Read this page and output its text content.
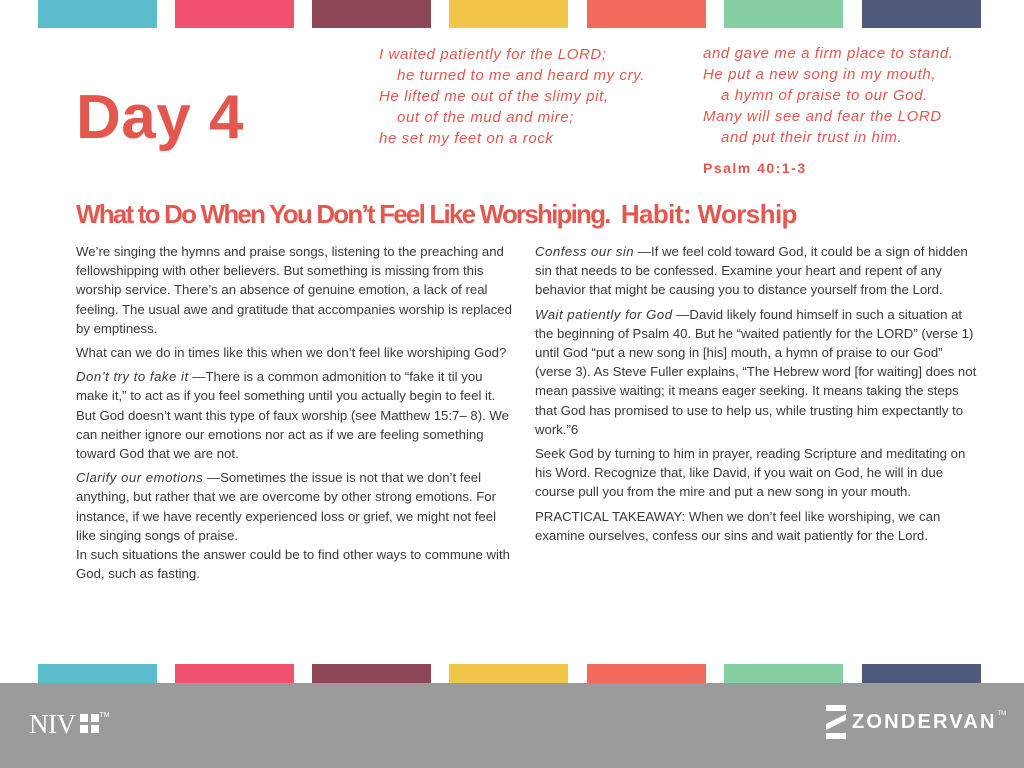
Day 4
I waited patiently for the LORD;
he turned to me and heard my cry.
He lifted me out of the slimy pit,
out of the mud and mire;
he set my feet on a rock
and gave me a firm place to stand.
He put a new song in my mouth,
a hymn of praise to our God.
Many will see and fear the LORD
and put their trust in him.
Psalm 40:1-3
What to Do When You Don’t Feel Like Worshiping. Habit: Worship

We’re singing the hymns and praise songs, listening to the preaching and fellowshipping with other believers. But something is missing from this worship service. There’s an absence of genuine emotion, a lack of real feeling. The usual awe and gratitude that accompanies worship is replaced by emptiness.

What can we do in times like this when we don’t feel like worshiping God?

Don’t try to fake it —There is a common admonition to “fake it til you make it,” to act as if you feel something until you actually begin to feel it. But God doesn’t want this type of faux worship (see Matthew 15:7– 8). We can neither ignore our emotions nor act as if we are feeling something toward God that we are not.

Clarify our emotions —Sometimes the issue is not that we don’t feel anything, but rather that we are overcome by other strong emotions. For instance, if we have recently experienced loss or grief, we might not feel like singing songs of praise.

In such situations the answer could be to find other ways to commune with God, such as fasting.

Confess our sin —If we feel cold toward God, it could be a sign of hidden sin that needs to be confessed. Examine your heart and repent of any behavior that might be causing you to distance yourself from the Lord.

Wait patiently for God —David likely found himself in such a situation at the beginning of Psalm 40. But he “waited patiently for the LORD” (verse 1) until God “put a new song in [his] mouth, a hymn of praise to our God” (verse 3). As Steve Fuller explains, “The Hebrew word [for waiting] does not mean passive waiting; it means eager seeking. It means taking the steps that God has promised to use to help us, while trusting him expectantly to work.”6

Seek God by turning to him in prayer, reading Scripture and meditating on his Word. Recognize that, like David, if you wait on God, he will in due course pull you from the mire and put a new song in your mouth.

PRACTICAL TAKEAWAY: When we don’t feel like worshiping, we can examine ourselves, confess our sins and wait patiently for the Lord.

NIV	TM	ZONDERVAN TM
